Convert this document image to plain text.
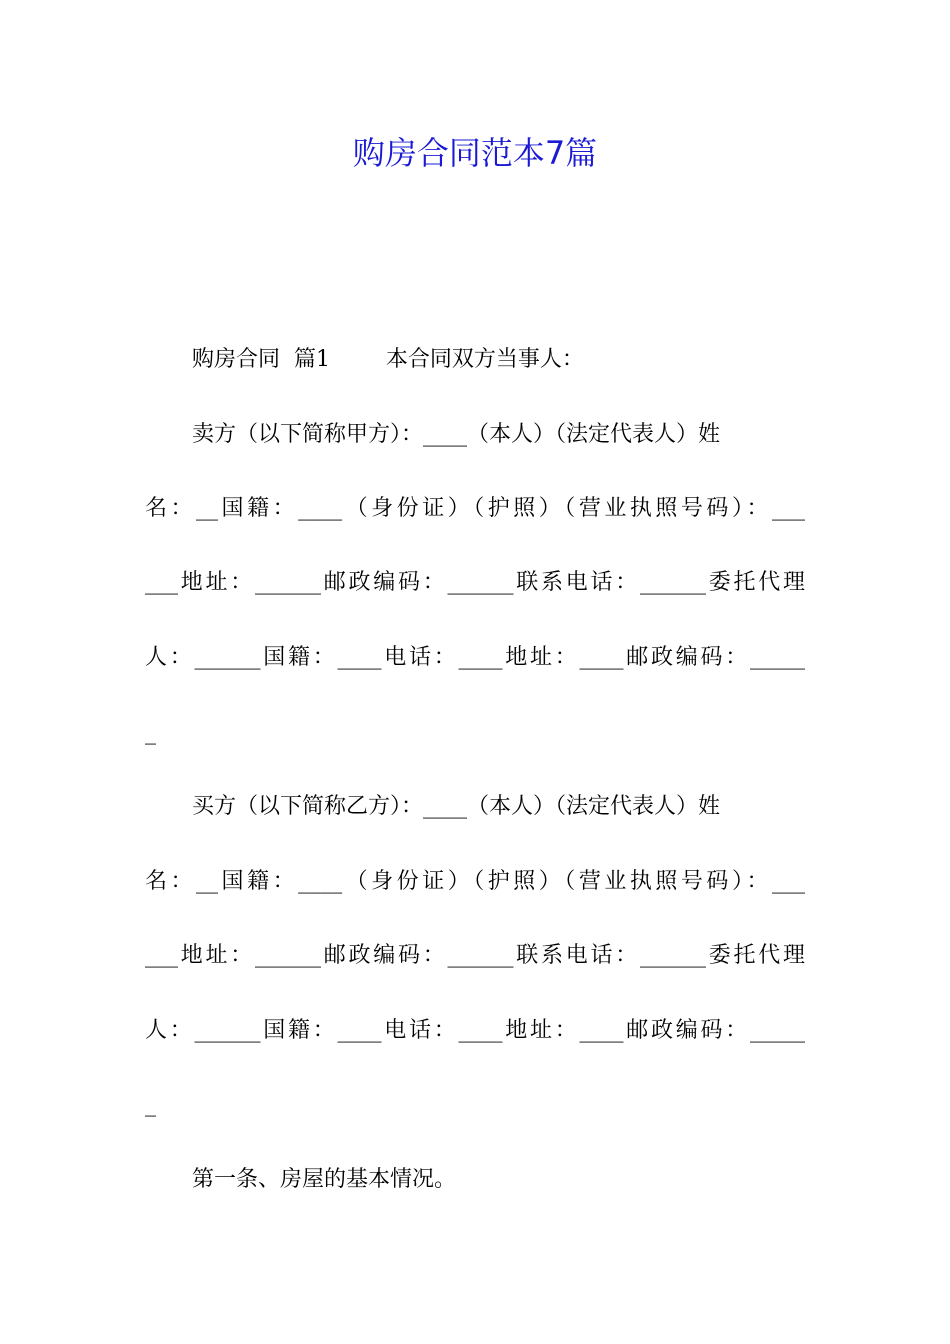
购房合同范本7篇

购房合同  篇1        本合同双方当事人：

卖方（以下简称甲方）：____（本人）（法定代表人）姓

名：__国籍：____（身份证）（护照）（营业执照号码）：___

___地址：______邮政编码：______联系电话：______委托代理

人：______国籍：____电话：____地址：____邮政编码：_____

_

买方（以下简称乙方）：____（本人）（法定代表人）姓

名：__国籍：____（身份证）（护照）（营业执照号码）：___

___地址：______邮政编码：______联系电话：______委托代理

人：______国籍：____电话：____地址：____邮政编码：_____

_

第一条、房屋的基本情况。
